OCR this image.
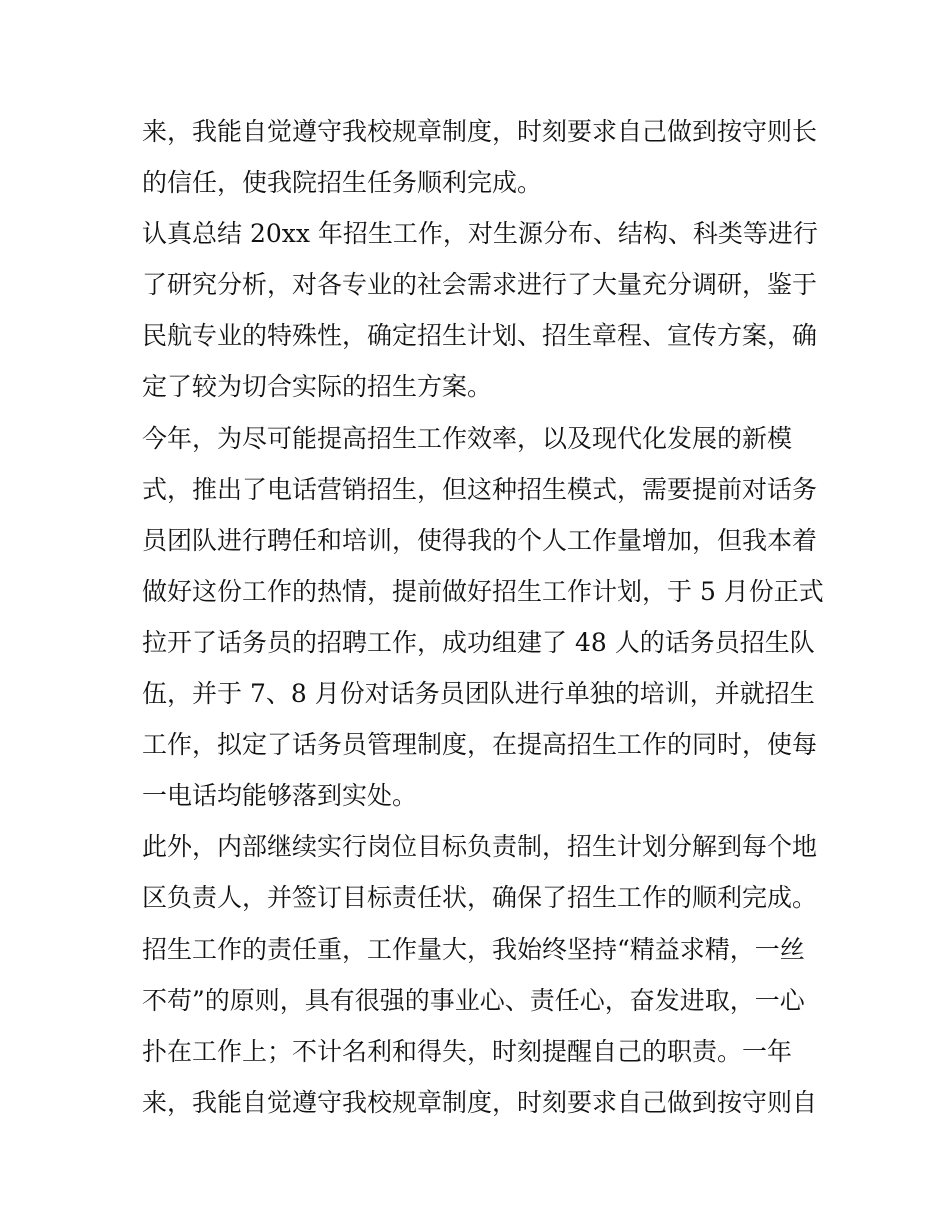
来，我能自觉遵守我校规章制度，时刻要求自己做到按守则长
的信任，使我院招生任务顺利完成。
认真总结 20xx 年招生工作，对生源分布、结构、科类等进行
了研究分析，对各专业的社会需求进行了大量充分调研，鉴于
民航专业的特殊性，确定招生计划、招生章程、宣传方案，确
定了较为切合实际的招生方案。
今年，为尽可能提高招生工作效率，以及现代化发展的新模
式，推出了电话营销招生，但这种招生模式，需要提前对话务
员团队进行聘任和培训，使得我的个人工作量增加，但我本着
做好这份工作的热情，提前做好招生工作计划，于 5 月份正式
拉开了话务员的招聘工作，成功组建了 48 人的话务员招生队
伍，并于 7、8 月份对话务员团队进行单独的培训，并就招生
工作，拟定了话务员管理制度，在提高招生工作的同时，使每
一电话均能够落到实处。
此外，内部继续实行岗位目标负责制，招生计划分解到每个地
区负责人，并签订目标责任状，确保了招生工作的顺利完成。
招生工作的责任重，工作量大，我始终坚持“精益求精，一丝
不苟”的原则，具有很强的事业心、责任心，奋发进取，一心
扑在工作上；不计名利和得失，时刻提醒自己的职责。一年
来，我能自觉遵守我校规章制度，时刻要求自己做到按守则自
